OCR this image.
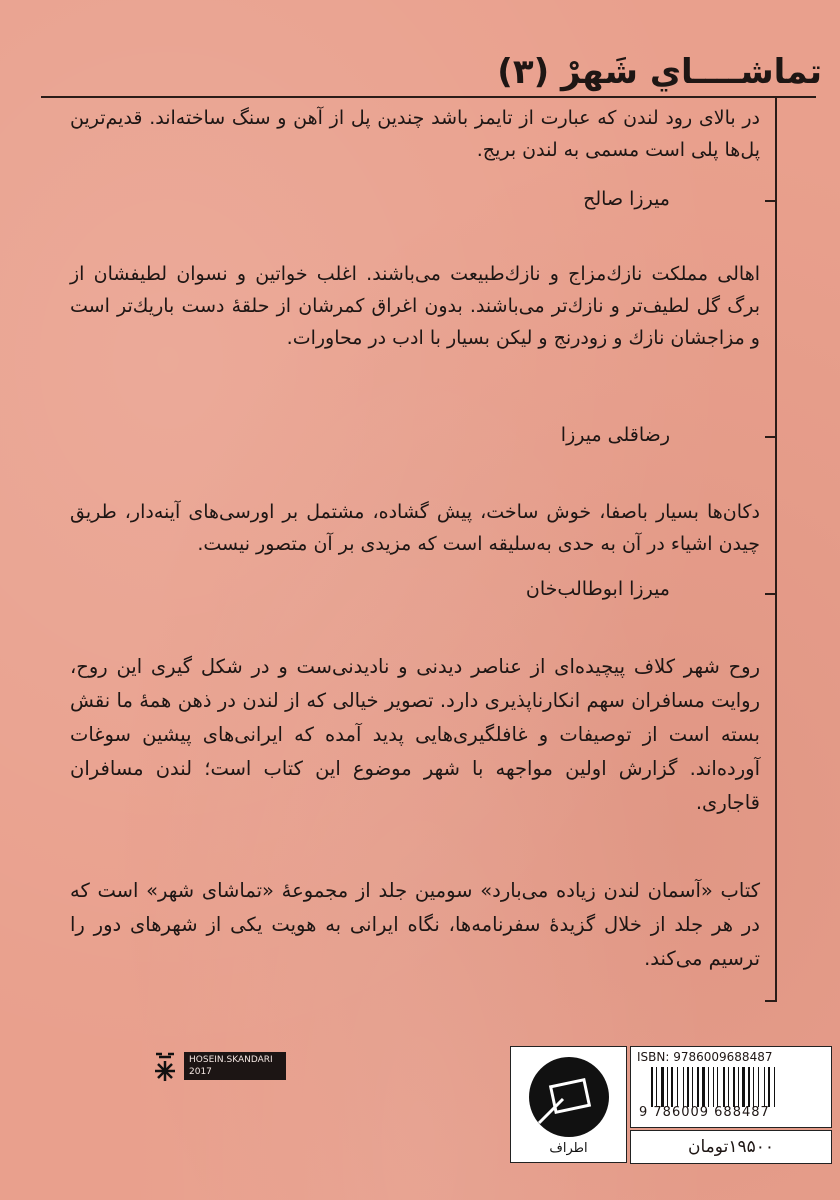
تماشــــاي شَهرْ (۳)
در بالاى رود لندن كه عبارت از تايمز باشد چندين پل از آهن و سنگ ساخته‌اند. قديم‌ترين پل‌ها پلى است مسمى به لندن بريج.
ميرزا صالح
اهالى مملكت نازك‌مزاج و نازك‌طبيعت مى‌باشند. اغلب خواتين و نسوان لطيفشان از برگ گل لطيف‌تر و نازك‌تر مى‌باشند. بدون اغراق كمرشان از حلقهٔ دست باريك‌تر است و مزاجشان نازك و زودرنج و ليكن بسيار با ادب در محاورات.
رضاقلى ميرزا
دكان‌ها بسيار باصفا، خوش ساخت، پيش گشاده، مشتمل بر اورسى‌هاى آينه‌دار، طريق چيدن اشياء در آن به حدى به‌سليقه است كه مزيدى بر آن متصور نيست.
ميرزا ابوطالب‌خان
روح شهر كلاف پيچيده‌اى از عناصر ديدنى و ناديدنى‌ست و در شكل گيرى اين روح، روايت مسافران سهم انكارناپذيرى دارد. تصوير خيالى كه از لندن در ذهن همهٔ ما نقش بسته است از توصيفات و غافلگيرى‌هايى پديد آمده كه ايرانى‌هاى پيشين سوغات آورده‌اند. گزارش اولين مواجهه با شهر موضوع اين كتاب است؛ لندن مسافران قاجارى.
كتاب «آسمان لندن زياده مى‌بارد» سومين جلد از مجموعهٔ «تماشاى شهر» است كه در هر جلد از خلال گزيدهٔ سفرنامه‌ها، نگاه ايرانى به هويت يكى از شهرهاى دور را ترسيم مى‌كند.
HOSEIN.SKANDARI
2017
اطراف
ISBN: 9786009688487
9 786009 688487
۱۹۵۰۰تومان
